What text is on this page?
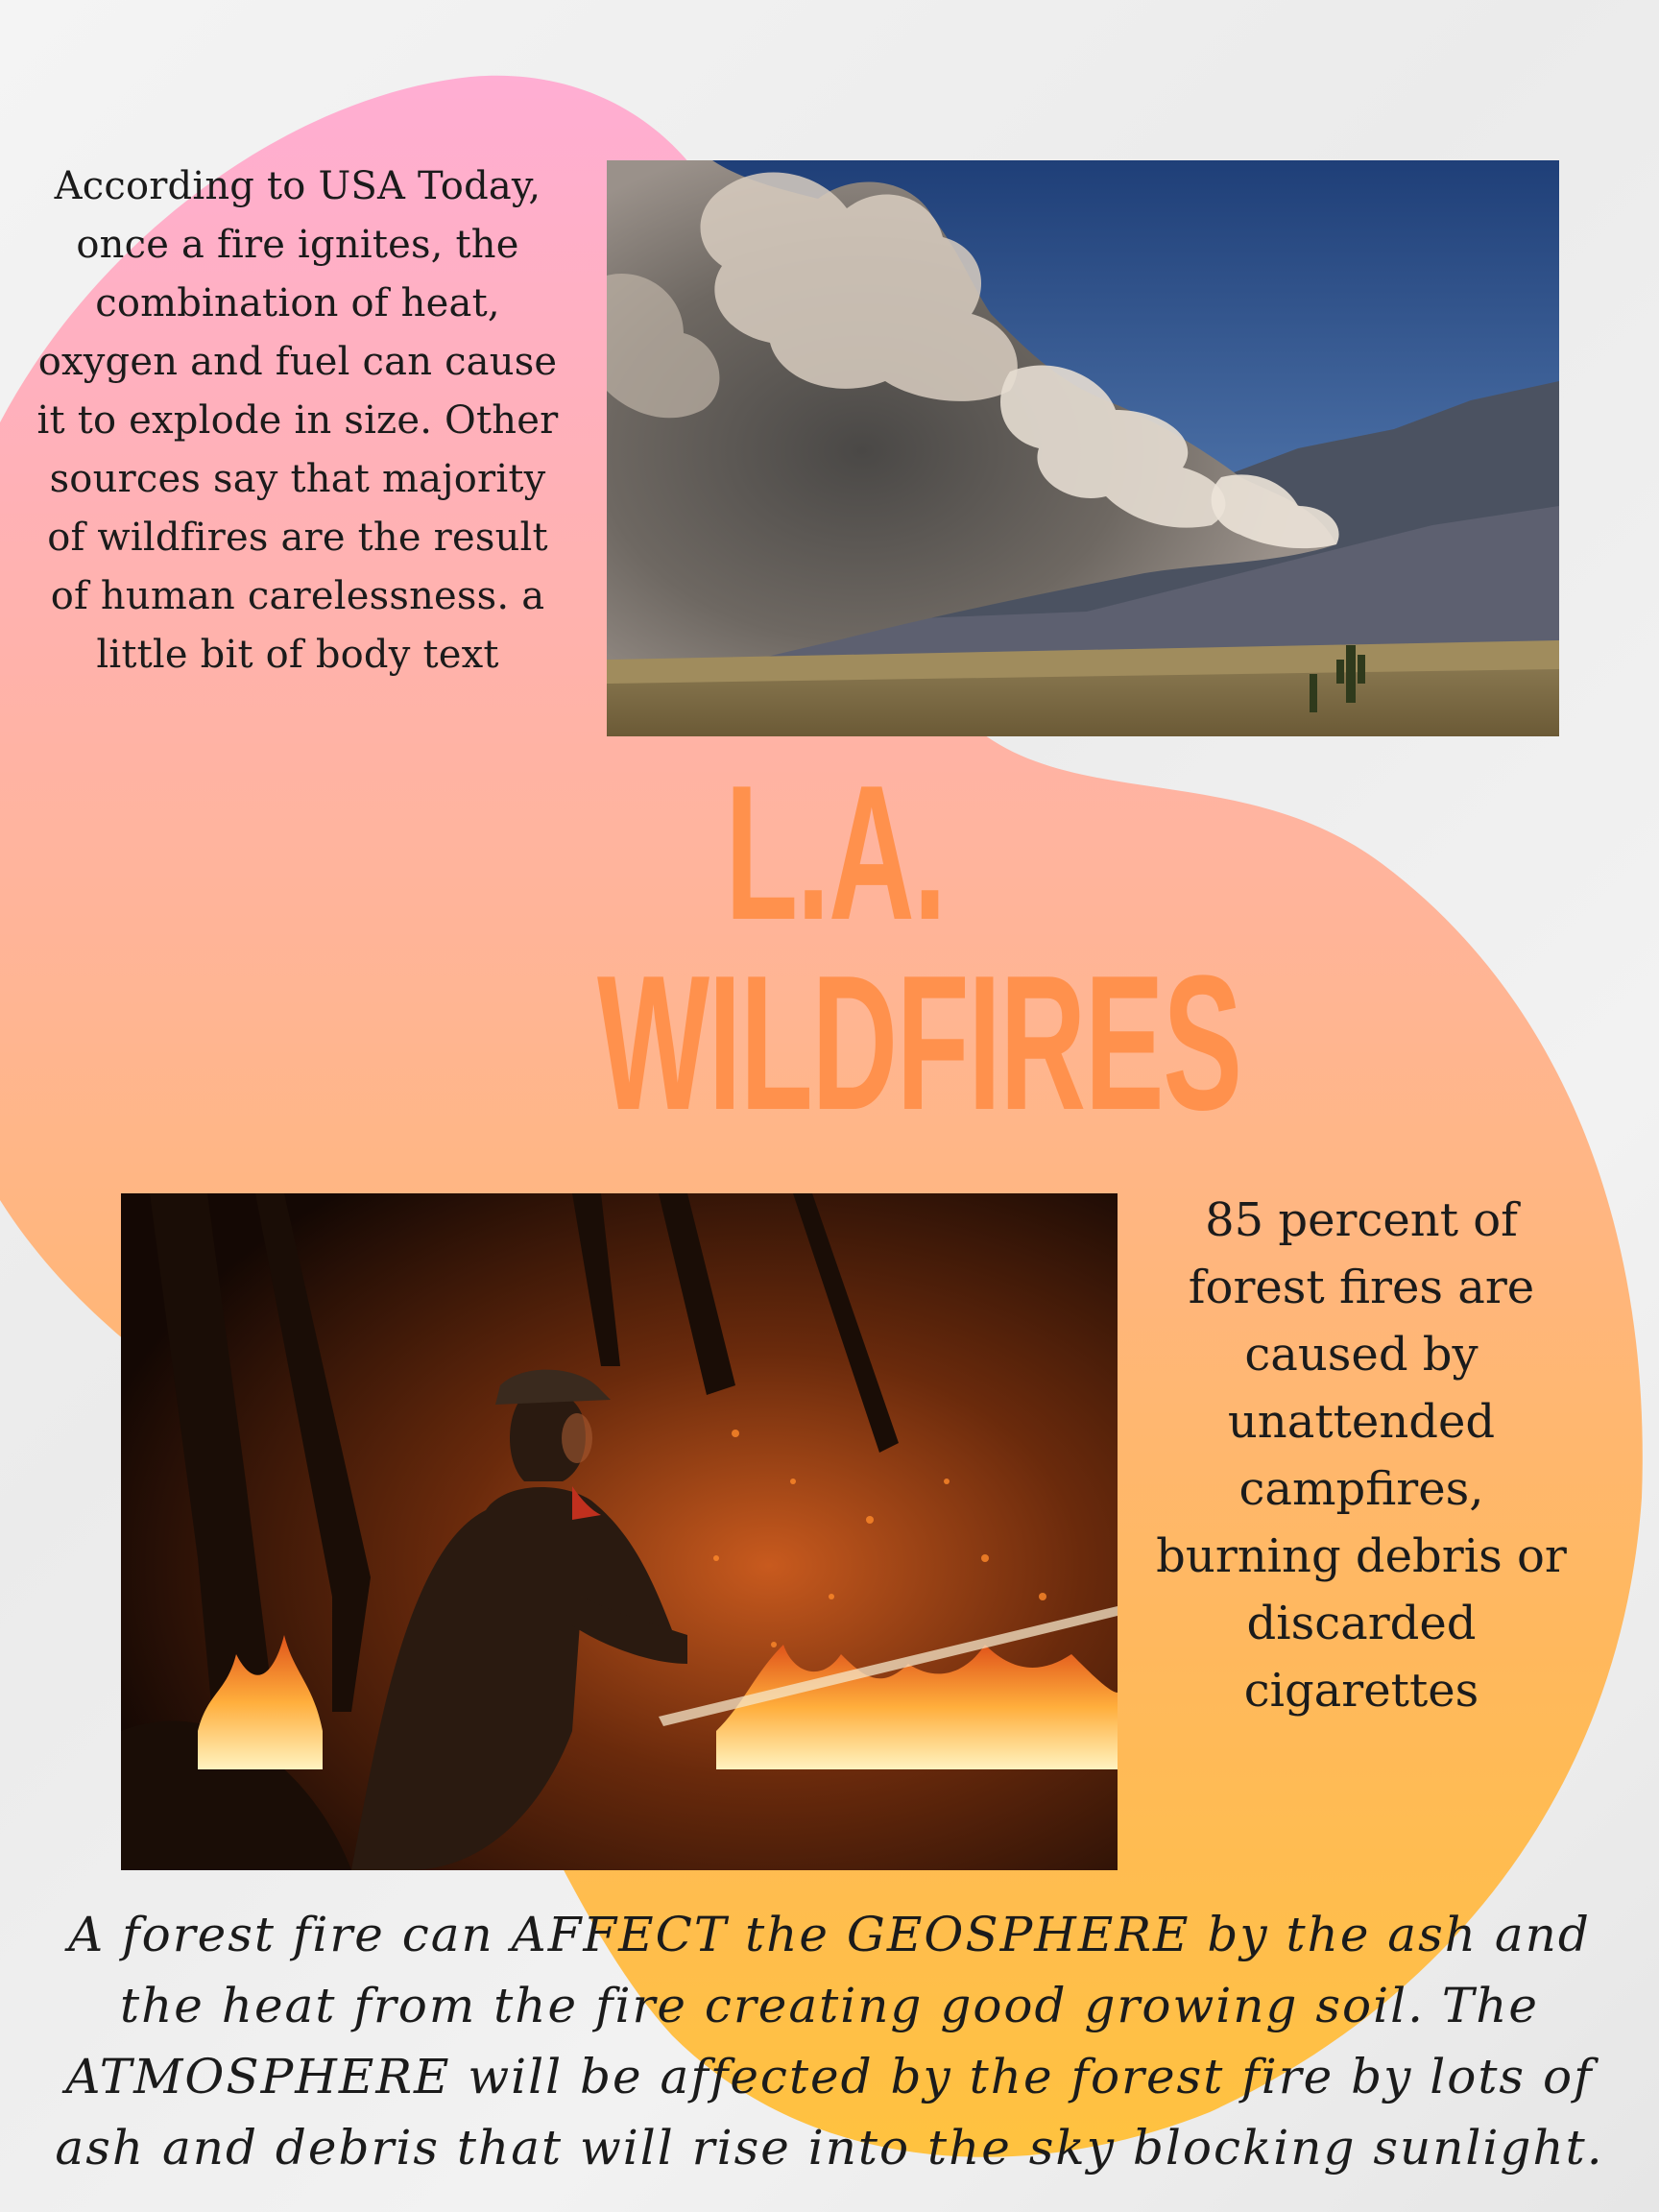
According to USA Today, once a fire ignites, the combination of heat, oxygen and fuel can cause it to explode in size. Other sources say that majority of wildfires are the result of human carelessness. a little bit of body text
L.A.
WILDFIRES
85 percent of forest fires are caused by unattended campfires, burning debris or discarded cigarettes
A forest fire can AFFECT the GEOSPHERE by the ash and the heat from the fire creating good growing soil. The ATMOSPHERE will be affected by the forest fire by lots of ash and debris that will rise into the sky blocking sunlight.
